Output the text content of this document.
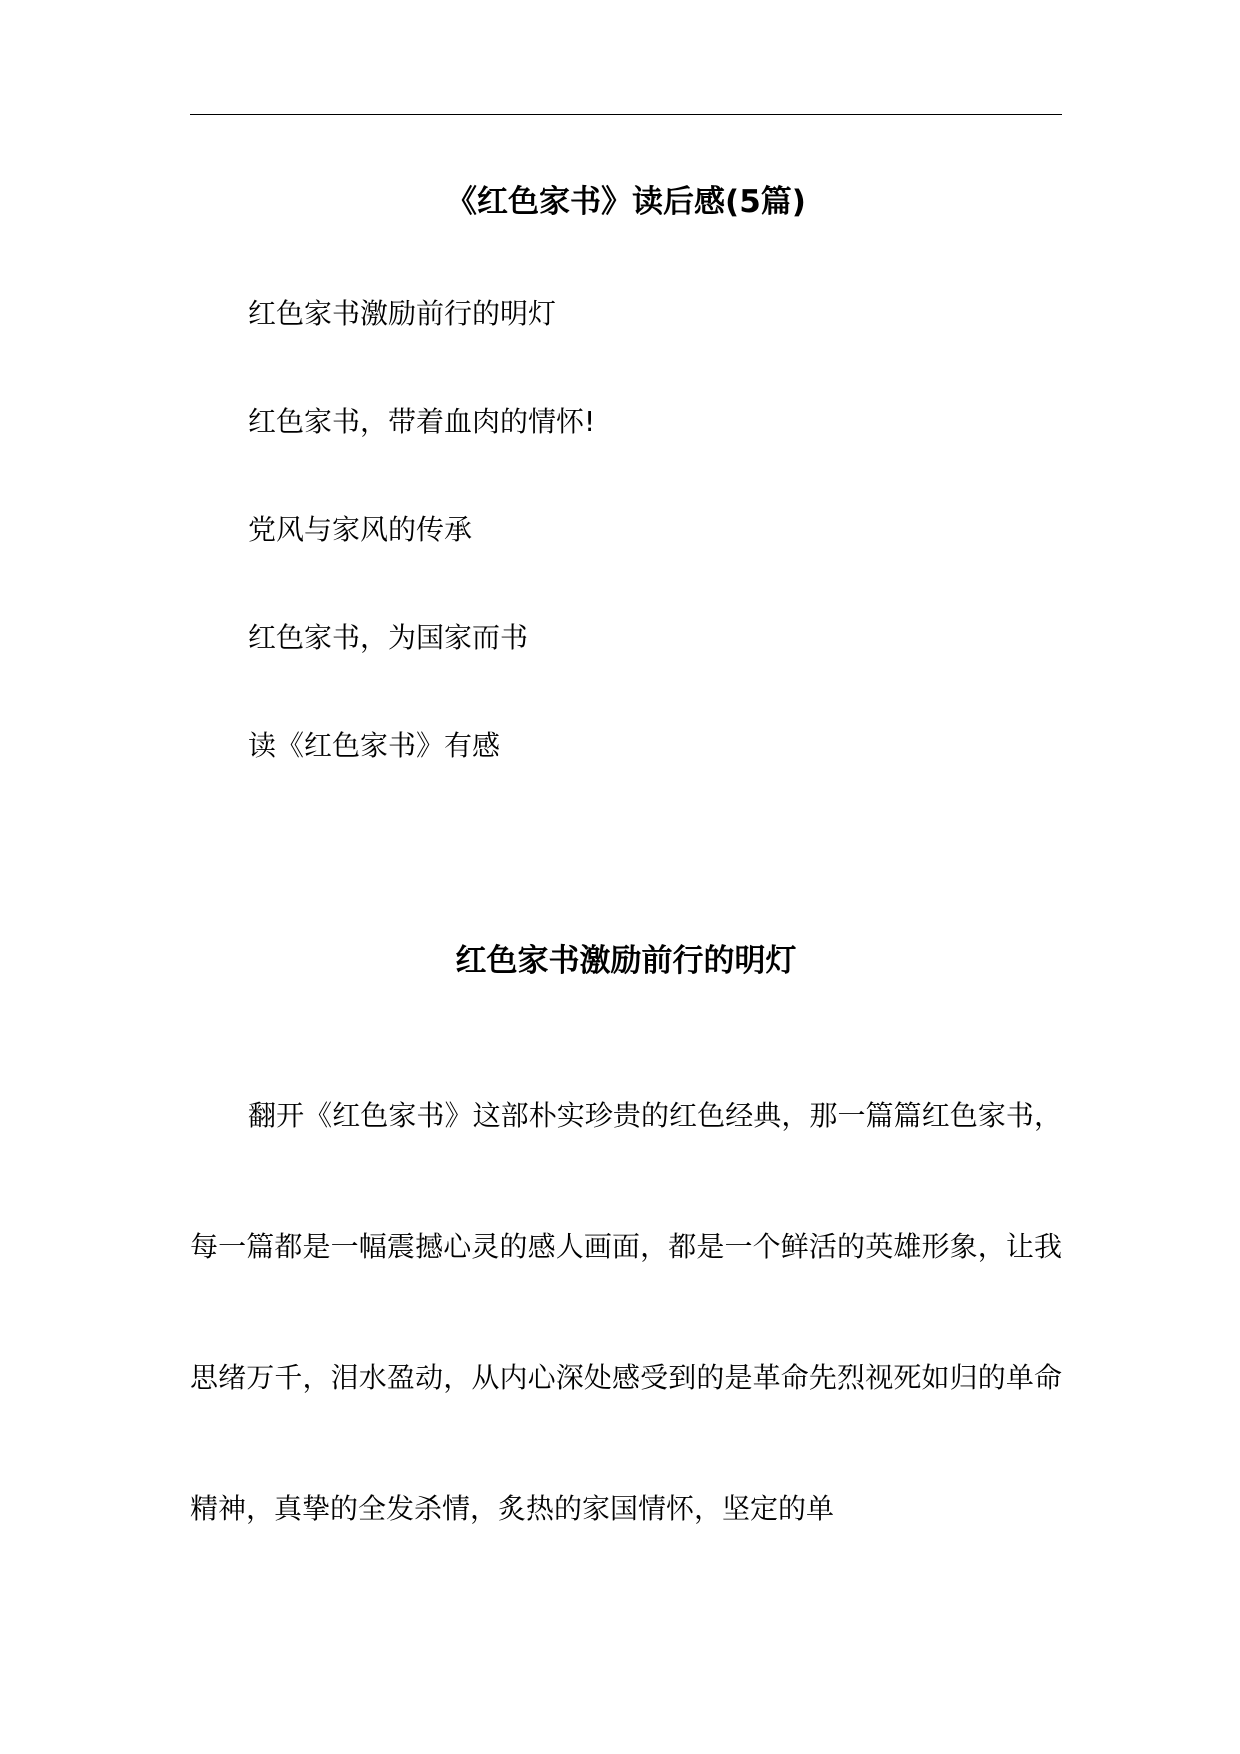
《红色家书》读后感(5篇)
红色家书激励前行的明灯
红色家书，带着血肉的情怀!
党风与家风的传承
红色家书，为国家而书
读《红色家书》有感
红色家书激励前行的明灯

翻开《红色家书》这部朴实珍贵的红色经典，那一篇篇红色家书，每一篇都是一幅震撼心灵的感人画面，都是一个鲜活的英雄形象，让我思绪万千，泪水盈动，从内心深处感受到的是革命先烈视死如归的单命精神，真挚的全发杀情，炙热的家国情怀，坚定的单
